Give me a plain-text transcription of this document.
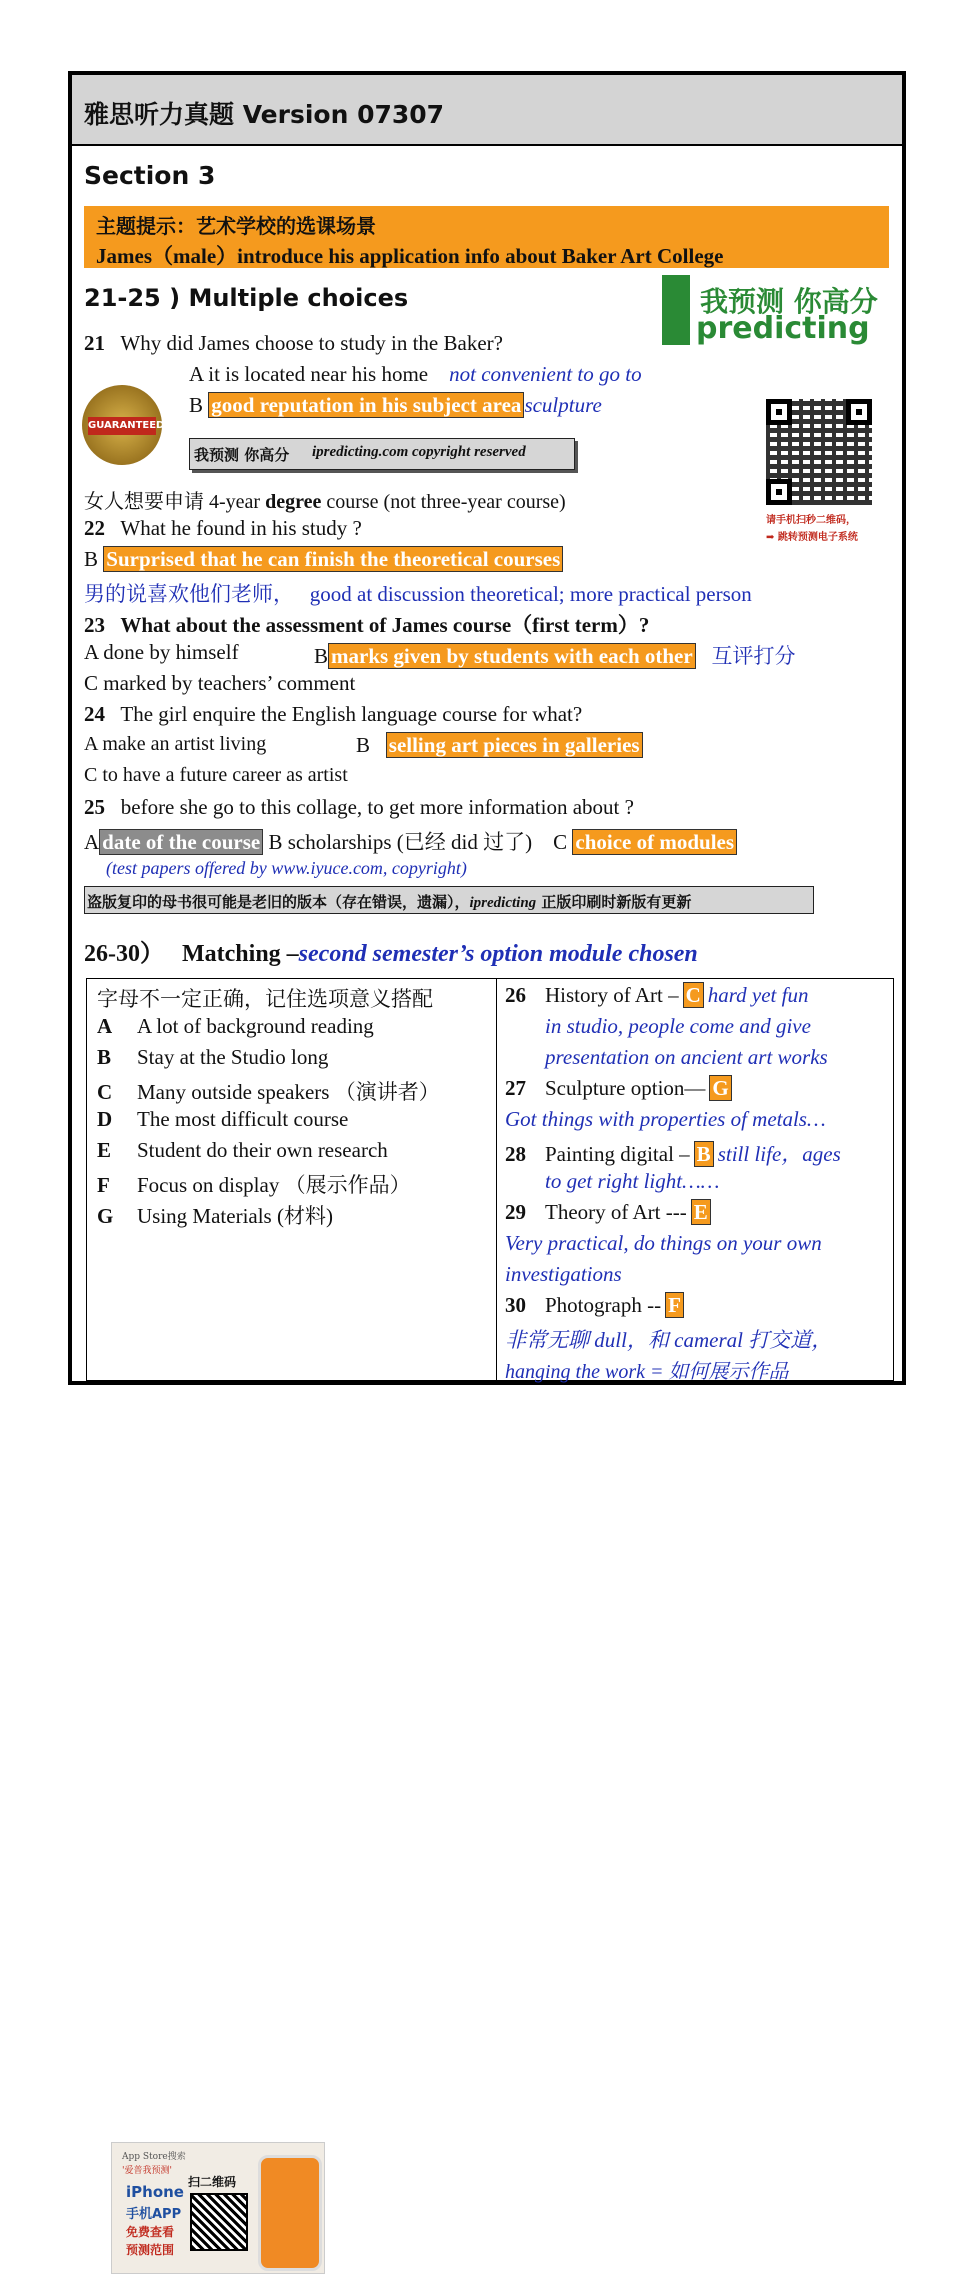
雅思听力真题 Version 07307
Section 3
主题提示：艺术学校的选课场景
James（male）introduce his application info about Baker Art College
21-25 ) Multiple choices	我预测 你高分
predicting
21 Why did James choose to study in the Baker?
A it is located near his home not convenient to go to
B good reputation in his subject area sculpture
GUARANTEED
我预测 你高分 ipredicting.com copyright reserved
请手机扫秒二维码，
➡ 跳转预测电子系统
女人想要申请 4-year degree course (not three-year course)
22 What he found in his study ?
B Surprised that he can finish the theoretical courses
男的说喜欢他们老师， good at discussion theoretical; more practical person
23 What about the assessment of James course（first term）?
A done by himself	B marks given by students with each other 互评打分
C marked by teachers’ comment
24 The girl enquire the English language course for what?
A make an artist living	B selling art pieces in galleries
C to have a future career as artist
25 before she go to this collage, to get more information about ?
A date of the course B scholarships (已经 did 过了) C choice of modules
(test papers offered by www.iyuce.com, copyright)
盗版复印的母书很可能是老旧的版本（存在错误，遗漏），ipredicting 正版印刷时新版有更新
26-30） Matching –second semester’s option module chosen
字母不一定正确，记住选项意义搭配
A A lot of background reading
B Stay at the Studio long
C Many outside speakers （演讲者）
D The most difficult course
E Student do their own research
F Focus on display （展示作品）
G Using Materials (材料)
App Store搜索
'爱普我预测'
iPhone
手机APP
免费查看
预测范围
扫二维码
26 History of Art – C hard yet fun
in studio, people come and give
presentation on ancient art works
27 Sculpture option— G
Got things with properties of metals…
28 Painting digital – B still life，ages
to get right light……
29 Theory of Art --- E
Very practical, do things on your own
investigations
30 Photograph -- F
非常无聊 dull，和 cameral 打交道，
hanging the work = 如何展示作品
